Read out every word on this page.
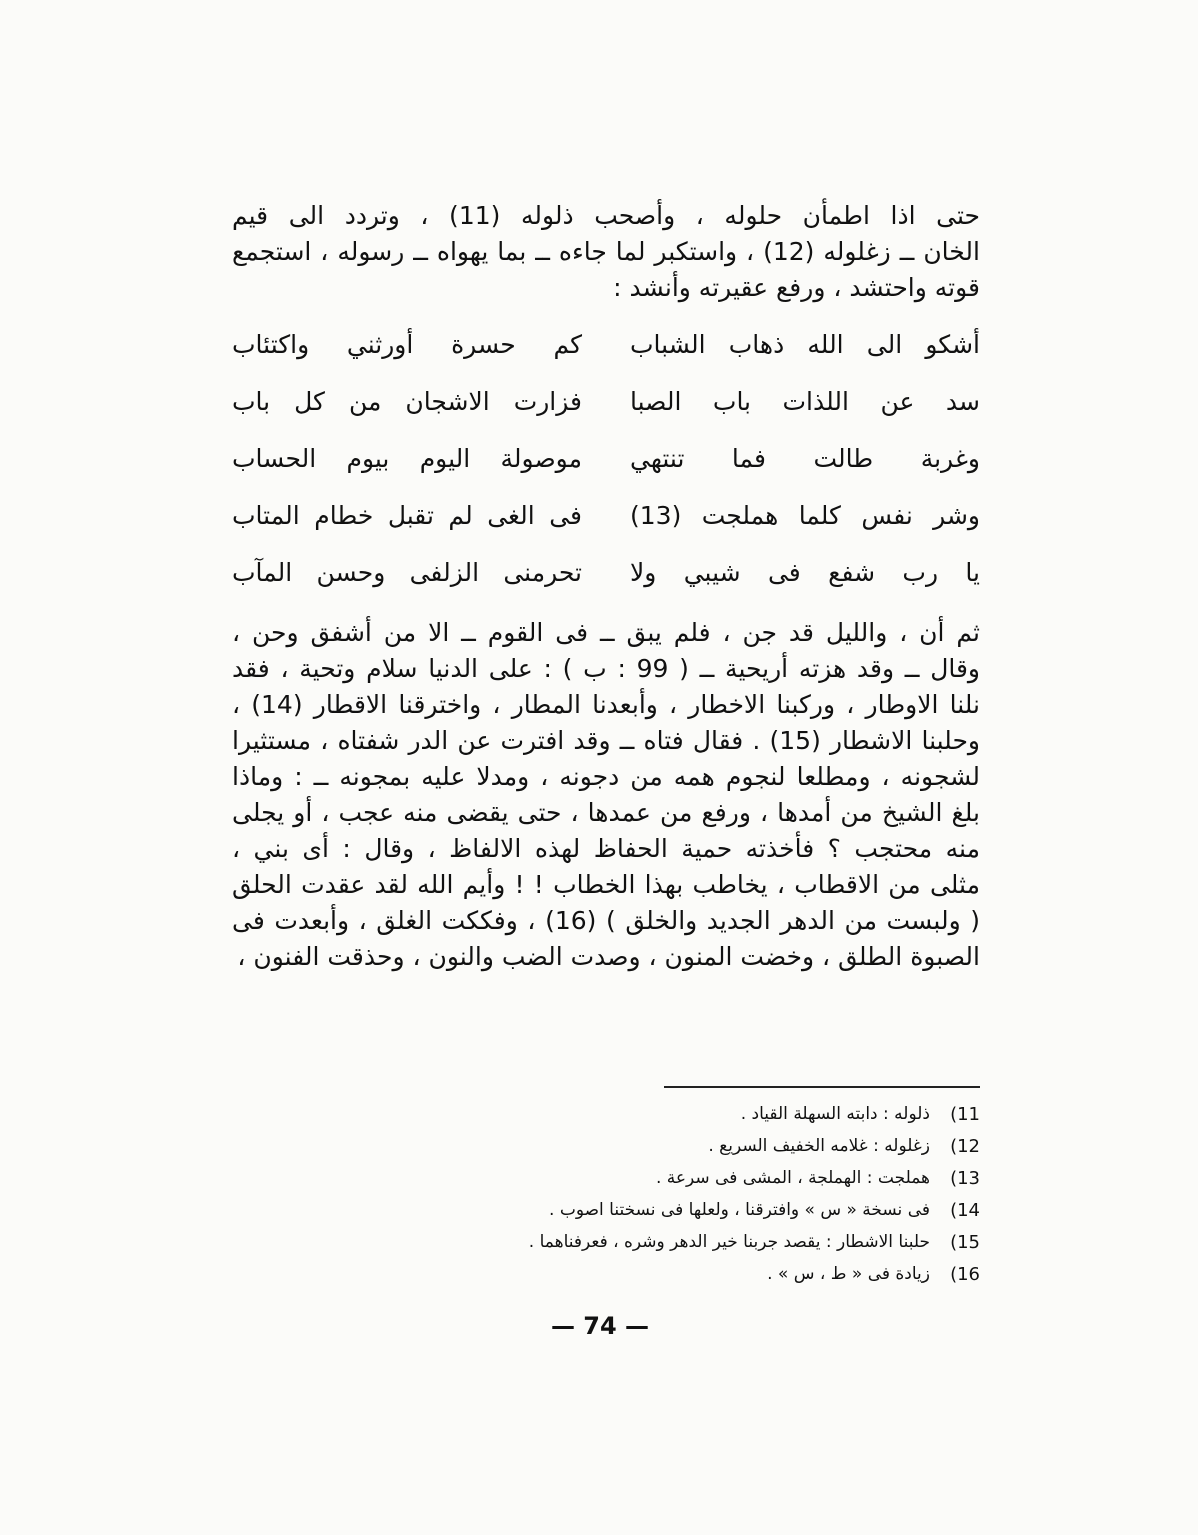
حتى اذا اطمأن حلوله ، وأصحب ذلوله (11) ، وتردد الى قيم
الخان ــ زغلوله (12) ، واستكبر لما جاءه ــ بما يهواه ــ رسوله ، استجمع
قوته واحتشد ، ورفع عقيرته وأنشد :

أشكو الى الله ذهاب الشباب
كم حسرة أورثني واكتئاب
سد عن اللذات باب الصبا
فزارت الاشجان من كل باب
وغربة طالت فما تنتهي
موصولة اليوم بيوم الحساب
وشر نفس كلما هملجت (13)
فى الغى لم تقبل خطام المتاب
يا رب شفع فى شيبي ولا
تحرمنى الزلفى وحسن المآب

ثم أن ، والليل قد جن ، فلم يبق ــ فى القوم ــ الا من أشفق وحن ،
وقال ــ وقد هزته أريحية ــ ( 99 : ب ) : على الدنيا سلام وتحية ، فقد
نلنا الاوطار ، وركبنا الاخطار ، وأبعدنا المطار ، واخترقنا الاقطار (14) ،
وحلبنا الاشطار (15) . فقال فتاه ــ وقد افترت عن الدر شفتاه ، مستثيرا
لشجونه ، ومطلعا لنجوم همه من دجونه ، ومدلا عليه بمجونه ــ : وماذا
بلغ الشيخ من أمدها ، ورفع من عمدها ، حتى يقضى منه عجب ، أو يجلى
منه محتجب ؟ فأخذته حمية الحفاظ لهذه الالفاظ ، وقال : أى بني ،
مثلى من الاقطاب ، يخاطب بهذا الخطاب ! ! وأيم الله لقد عقدت الحلق
( ولبست من الدهر الجديد والخلق ) (16) ، وفككت الغلق ، وأبعدت فى
الصبوة الطلق ، وخضت المنون ، وصدت الضب والنون ، وحذقت الفنون ،

11)
ذلوله : دابته السهلة القياد .
12)
زغلوله : غلامه الخفيف السريع .
13)
هملجت : الهملجة ، المشى فى سرعة .
14)
فى نسخة « س » وافترقنا ، ولعلها فى نسختنا اصوب .
15)
حلبنا الاشطار : يقصد جربنا خير الدهر وشره ، فعرفناهما .
16)
زيادة فى « ط ، س » .
— 74 —
